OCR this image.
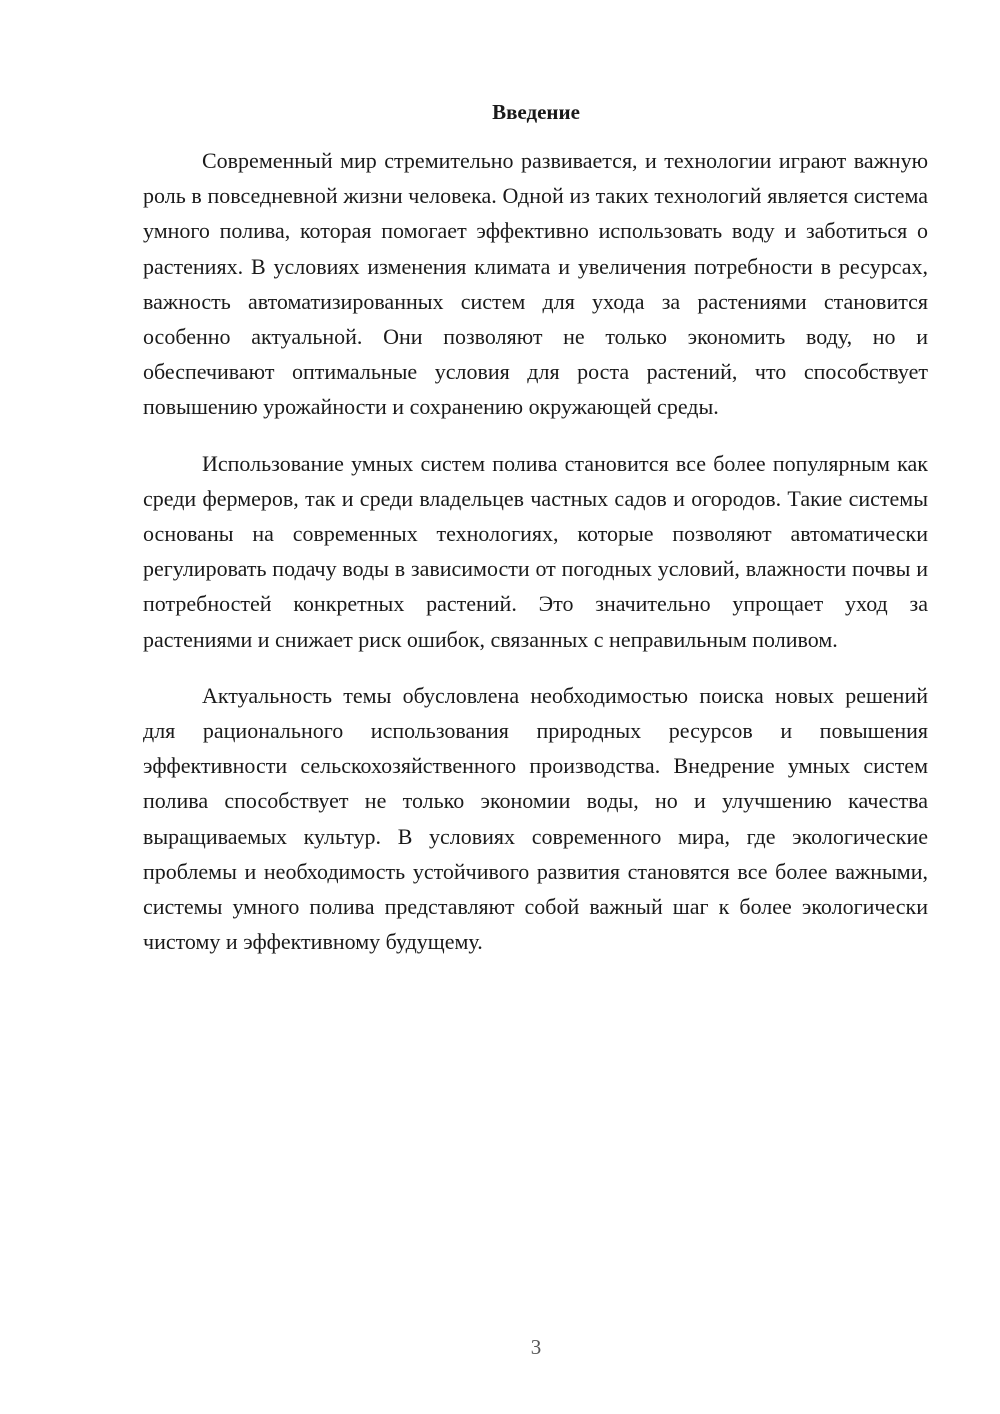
Введение

Современный мир стремительно развивается, и технологии играют важную роль в повседневной жизни человека. Одной из таких технологий является система умного полива, которая помогает эффективно использовать воду и заботиться о растениях. В условиях изменения климата и увеличения потребности в ресурсах, важность автоматизированных систем для ухода за растениями становится особенно актуальной. Они позволяют не только экономить воду, но и обеспечивают оптимальные условия для роста растений, что способствует повышению урожайности и сохранению окружающей среды.

Использование умных систем полива становится все более популярным как среди фермеров, так и среди владельцев частных садов и огородов. Такие системы основаны на современных технологиях, которые позволяют автоматически регулировать подачу воды в зависимости от погодных условий, влажности почвы и потребностей конкретных растений. Это значительно упрощает уход за растениями и снижает риск ошибок, связанных с неправильным поливом.

Актуальность темы обусловлена необходимостью поиска новых решений для рационального использования природных ресурсов и повышения эффективности сельскохозяйственного производства. Внедрение умных систем полива способствует не только экономии воды, но и улучшению качества выращиваемых культур. В условиях современного мира, где экологические проблемы и необходимость устойчивого развития становятся все более важными, системы умного полива представляют собой важный шаг к более экологически чистому и эффективному будущему.

3
